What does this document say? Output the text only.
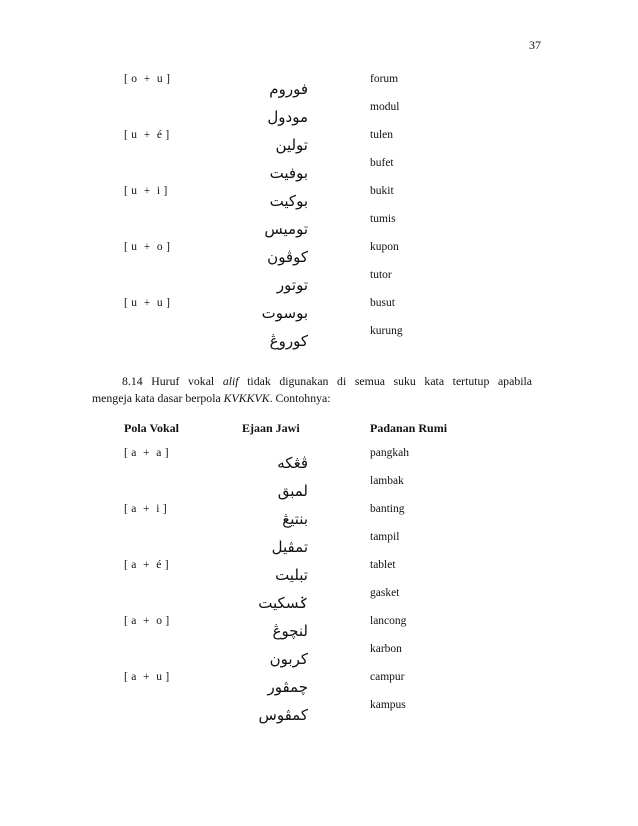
37
[ o  +  u ]
فوروم
forum
مودول
modul
[ u  +  é ]
تولين
tulen
بوفيت
bufet
[ u  +  i ]
بوکيت
bukit
توميس
tumis
[ u  +  o ]
کوڤون
kupon
توتور
tutor
[ u  +  u ]
بوسوت
busut
کوروڠ
kurung
8.14 Huruf vokal alif tidak digunakan di semua suku kata tertutup apabila
mengeja kata dasar berpola KVKKVK. Contohnya:
Pola Vokal	Ejaan Jawi	Padanan Rumi
[ a  +  a ]
ڤڠکه
pangkah
لمبق
lambak
[ a  +  i ]
بنتيڠ
banting
تمڤيل
tampil
[ a  +  é ]
تبليت
tablet
ݢسکيت
gasket
[ a  +  o ]
لنچوڠ
lancong
کربون
karbon
[ a  +  u ]
چمڤور
campur
کمڤوس
kampus
